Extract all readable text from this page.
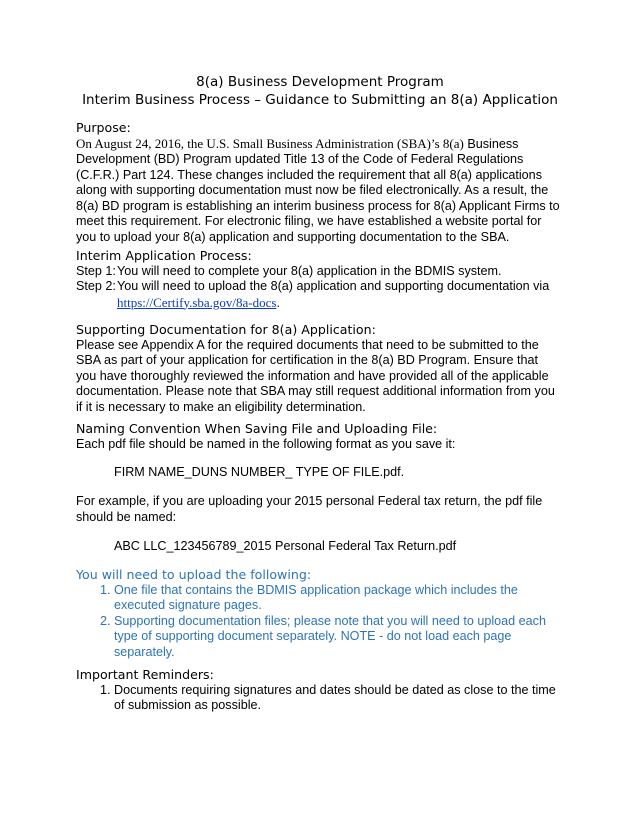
8(a) Business Development Program
Interim Business Process – Guidance to Submitting an 8(a) Application
Purpose:
On August 24, 2016, the U.S. Small Business Administration (SBA)’s 8(a) Business Development (BD) Program updated Title 13 of the Code of Federal Regulations (C.F.R.) Part 124. These changes included the requirement that all 8(a) applications along with supporting documentation must now be filed electronically. As a result, the 8(a) BD program is establishing an interim business process for 8(a) Applicant Firms to meet this requirement. For electronic filing, we have established a website portal for you to upload your 8(a) application and supporting documentation to the SBA.
Interim Application Process:
Step 1: You will need to complete your 8(a) application in the BDMIS system.
Step 2: You will need to upload the 8(a) application and supporting documentation via
https://Certify.sba.gov/8a-docs.
Supporting Documentation for 8(a) Application:
Please see Appendix A for the required documents that need to be submitted to the SBA as part of your application for certification in the 8(a) BD Program. Ensure that you have thoroughly reviewed the information and have provided all of the applicable documentation. Please note that SBA may still request additional information from you if it is necessary to make an eligibility determination.
Naming Convention When Saving File and Uploading File:
Each pdf file should be named in the following format as you save it:
FIRM NAME_DUNS NUMBER_ TYPE OF FILE.pdf.
For example, if you are uploading your 2015 personal Federal tax return, the pdf file should be named:
ABC LLC_123456789_2015 Personal Federal Tax Return.pdf
You will need to upload the following:
1. One file that contains the BDMIS application package which includes the executed signature pages.
2. Supporting documentation files; please note that you will need to upload each type of supporting document separately. NOTE - do not load each page separately.
Important Reminders:
1. Documents requiring signatures and dates should be dated as close to the time of submission as possible.
